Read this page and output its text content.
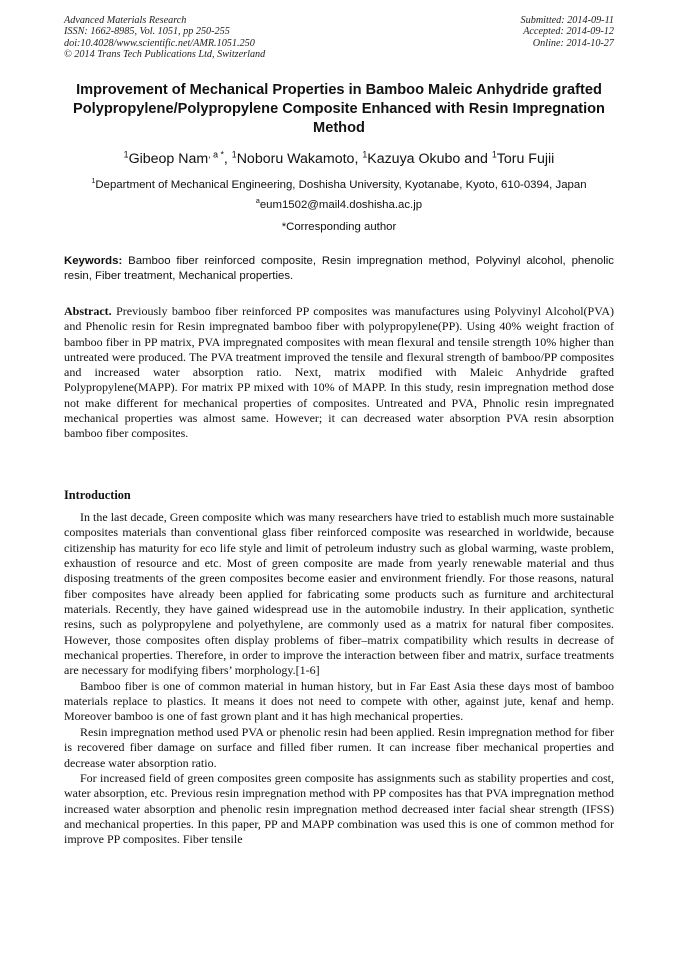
Advanced Materials Research
ISSN: 1662-8985, Vol. 1051, pp 250-255
doi:10.4028/www.scientific.net/AMR.1051.250
© 2014 Trans Tech Publications Ltd, Switzerland
Submitted: 2014-09-11
Accepted: 2014-09-12
Online: 2014-10-27
Improvement of Mechanical Properties in Bamboo Maleic Anhydride grafted Polypropylene/Polypropylene Composite Enhanced with Resin Impregnation Method
$^1$Gibeop Nam$^{, a *}$, $^1$Noboru Wakamoto, $^1$Kazuya Okubo and $^1$Toru Fujii
$^1$Department of Mechanical Engineering, Doshisha University, Kyotanabe, Kyoto, 610-0394, Japan
$^a$eum1502@mail4.doshisha.ac.jp
*Corresponding author
Keywords: Bamboo fiber reinforced composite, Resin impregnation method, Polyvinyl alcohol, phenolic resin, Fiber treatment, Mechanical properties.
Abstract. Previously bamboo fiber reinforced PP composites was manufactures using Polyvinyl Alcohol(PVA) and Phenolic resin for Resin impregnated bamboo fiber with polypropylene(PP). Using 40% weight fraction of bamboo fiber in PP matrix, PVA impregnated composites with mean flexural and tensile strength 10% higher than untreated were produced. The PVA treatment improved the tensile and flexural strength of bamboo/PP composites and increased water absorption ratio. Next, matrix modified with Maleic Anhydride grafted Polypropylene(MAPP). For matrix PP mixed with 10% of MAPP. In this study, resin impregnation method dose not make different for mechanical properties of composites. Untreated and PVA, Phnolic resin impregnated mechanical properties was almost same. However; it can decreased water absorption PVA resin absorption bamboo fiber composites.
Introduction

In the last decade, Green composite which was many researchers have tried to establish much more sustainable composites materials than conventional glass fiber reinforced composite was researched in worldwide, because citizenship has maturity for eco life style and limit of petroleum industry such as global warming, waste problem, exhaustion of resource and etc. Most of green composite are made from yearly renewable material and thus disposing treatments of the green composites become easier and environment friendly. For those reasons, natural fiber composites have already been applied for fabricating some products such as furniture and architectural materials. Recently, they have gained widespread use in the automobile industry. In their application, synthetic resins, such as polypropylene and polyethylene, are commonly used as a matrix for natural fiber composites. However, those composites often display problems of fiber–matrix compatibility which results in decrease of mechanical properties. Therefore, in order to improve the interaction between fiber and matrix, surface treatments are necessary for modifying fibers’ morphology.[1-6]

Bamboo fiber is one of common material in human history, but in Far East Asia these days most of bamboo materials replace to plastics. It means it does not need to compete with other, against jute, kenaf and hemp. Moreover bamboo is one of fast grown plant and it has high mechanical properties.

Resin impregnation method used PVA or phenolic resin had been applied. Resin impregnation method for fiber is recovered fiber damage on surface and filled fiber rumen. It can increase fiber mechanical properties and decrease water absorption ratio.

For increased field of green composites green composite has assignments such as stability properties and cost, water absorption, etc. Previous resin impregnation method with PP composites has that PVA impregnation method increased water absorption and phenolic resin impregnation method decreased inter facial shear strength (IFSS) and mechanical properties. In this paper, PP and MAPP combination was used this is one of common method for improve PP composites. Fiber tensile
